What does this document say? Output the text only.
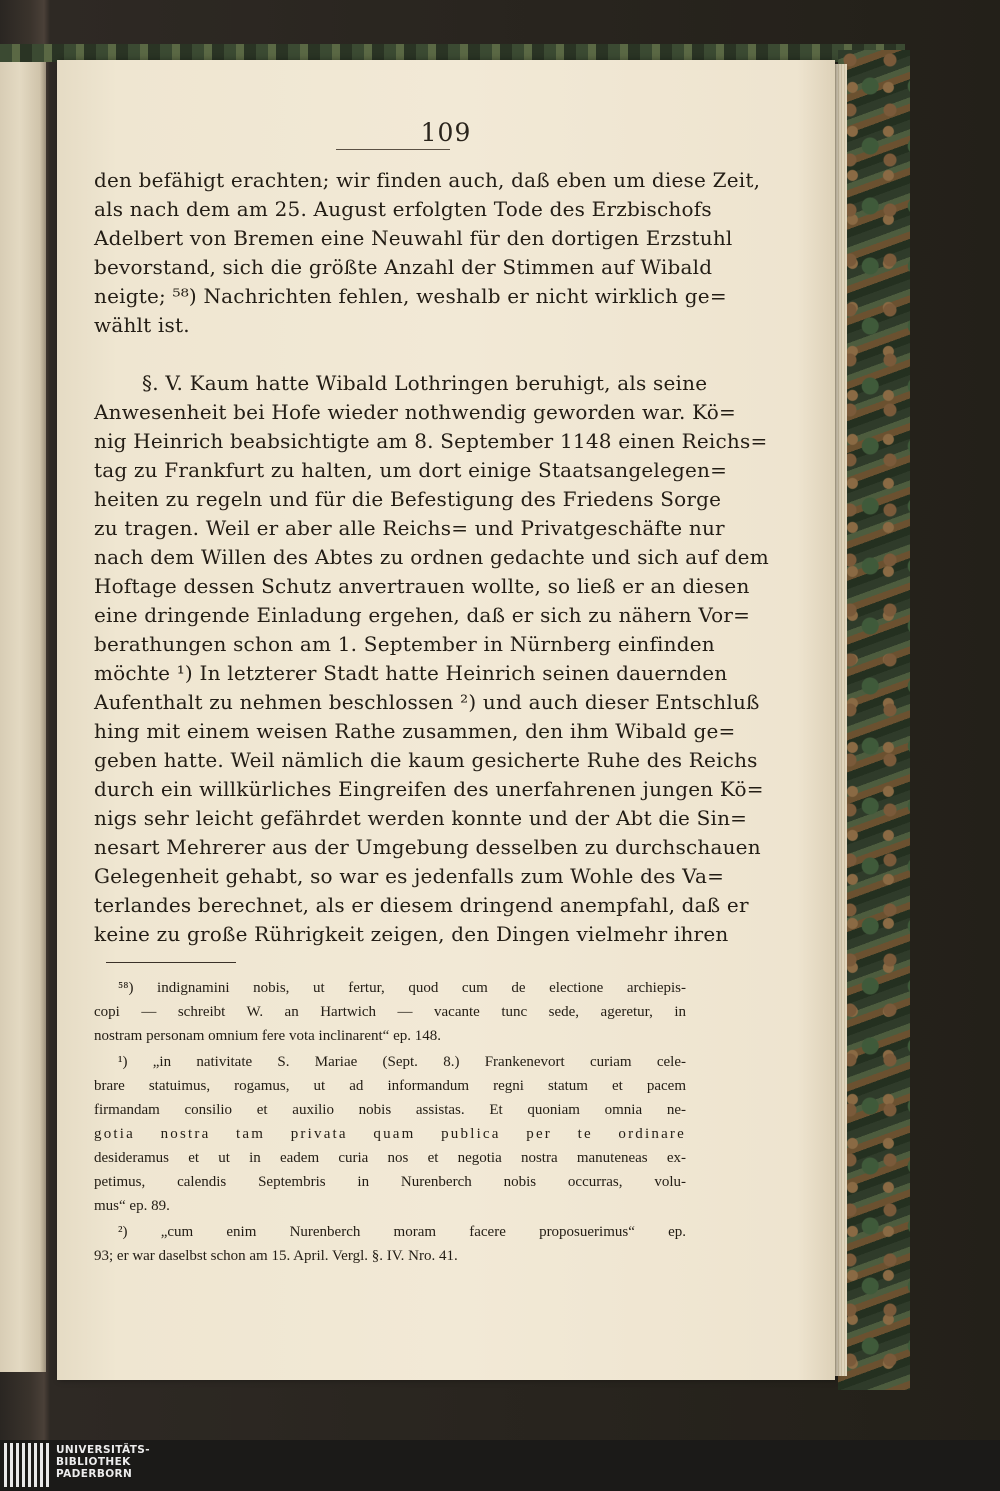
109
den befähigt erachten; wir finden auch, daß eben um diese Zeit,
als nach dem am 25. August erfolgten Tode des Erzbischofs
Adelbert von Bremen eine Neuwahl für den dortigen Erzstuhl
bevorstand, sich die größte Anzahl der Stimmen auf Wibald
neigte; ⁵⁸) Nachrichten fehlen, weshalb er nicht wirklich ge=
wählt ist.
§. V. Kaum hatte Wibald Lothringen beruhigt, als seine
Anwesenheit bei Hofe wieder nothwendig geworden war. Kö=
nig Heinrich beabsichtigte am 8. September 1148 einen Reichs=
tag zu Frankfurt zu halten, um dort einige Staatsangelegen=
heiten zu regeln und für die Befestigung des Friedens Sorge
zu tragen. Weil er aber alle Reichs= und Privatgeschäfte nur
nach dem Willen des Abtes zu ordnen gedachte und sich auf dem
Hoftage dessen Schutz anvertrauen wollte, so ließ er an diesen
eine dringende Einladung ergehen, daß er sich zu nähern Vor=
berathungen schon am 1. September in Nürnberg einfinden
möchte ¹) In letzterer Stadt hatte Heinrich seinen dauernden
Aufenthalt zu nehmen beschlossen ²) und auch dieser Entschluß
hing mit einem weisen Rathe zusammen, den ihm Wibald ge=
geben hatte. Weil nämlich die kaum gesicherte Ruhe des Reichs
durch ein willkürliches Eingreifen des unerfahrenen jungen Kö=
nigs sehr leicht gefährdet werden konnte und der Abt die Sin=
nesart Mehrerer aus der Umgebung desselben zu durchschauen
Gelegenheit gehabt, so war es jedenfalls zum Wohle des Va=
terlandes berechnet, als er diesem dringend anempfahl, daß er
keine zu große Rührigkeit zeigen, den Dingen vielmehr ihren
⁵⁸) indignamini nobis, ut fertur, quod cum de electione archiepis-
copi — schreibt W. an Hartwich — vacante tunc sede, ageretur, in
nostram personam omnium fere vota inclinarent“ ep. 148.
¹) „in nativitate S. Mariae (Sept. 8.) Frankenevort curiam cele-
brare statuimus, rogamus, ut ad informandum regni statum et pacem
firmandam consilio et auxilio nobis assistas. Et quoniam omnia ne-
gotia nostra tam privata quam publica per te ordinare
desideramus et ut in eadem curia nos et negotia nostra manuteneas ex-
petimus, calendis Septembris in Nurenberch nobis occurras, volu-
mus“ ep. 89.
²) „cum enim Nurenberch moram facere proposuerimus“ ep.
93; er war daselbst schon am 15. April. Vergl. §. IV. Nro. 41.
UNIVERSITÄTS-
BIBLIOTHEK
PADERBORN
